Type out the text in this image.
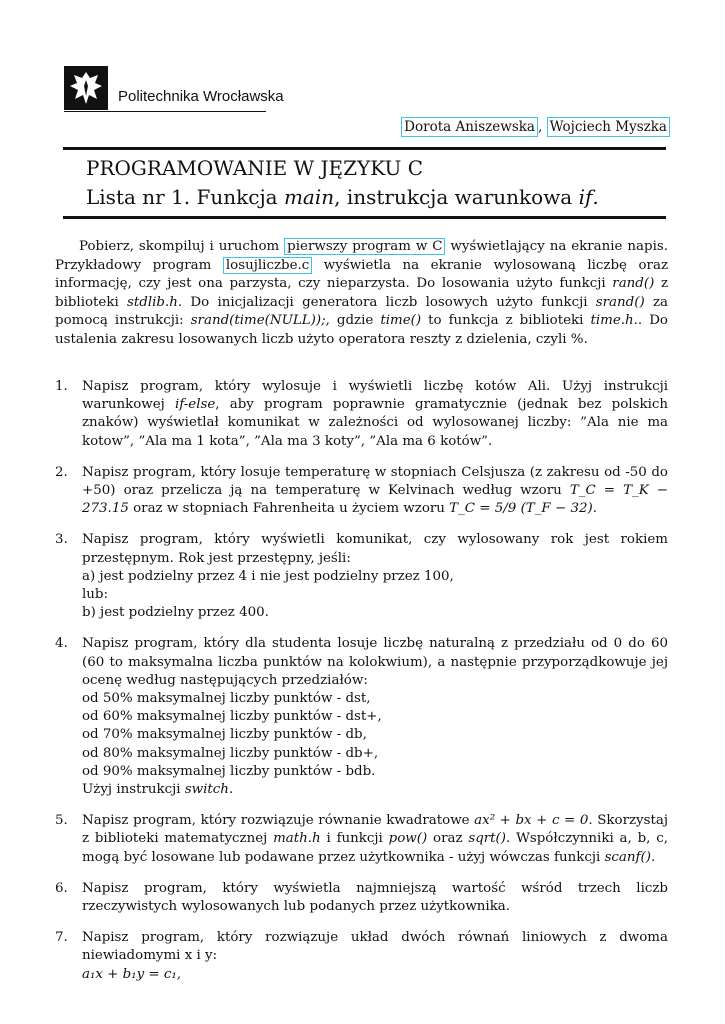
Politechnika Wrocławska
Dorota Aniszewska , Wojciech Myszka
PROGRAMOWANIE W JĘZYKU C
Lista nr 1. Funkcja main, instrukcja warunkowa if.

Pobierz, skompiluj i uruchom pierwszy program w C wyświetlający na ekranie napis. Przykładowy program losujliczbe.c wyświetla na ekranie wylosowaną liczbę oraz informację, czy jest ona parzysta, czy nieparzysta. Do losowania użyto funkcji rand() z biblioteki stdlib.h. Do inicjalizacji generatora liczb losowych użyto funkcji srand() za pomocą instrukcji: srand(time(NULL));, gdzie time() to funkcja z biblioteki time.h.. Do ustalenia zakresu losowanych liczb użyto operatora reszty z dzielenia, czyli %.

1. Napisz program, który wylosuje i wyświetli liczbę kotów Ali. Użyj instrukcji warunkowej if-else, aby program poprawnie gramatycznie (jednak bez polskich znaków) wyświetlał komunikat w zależności od wylosowanej liczby: ”Ala nie ma kotow”, ”Ala ma 1 kota”, ”Ala ma 3 koty”, ”Ala ma 6 kotów”.
2. Napisz program, który losuje temperaturę w stopniach Celsjusza (z zakresu od -50 do +50) oraz przelicza ją na temperaturę w Kelvinach według wzoru T_C = T_K − 273.15 oraz w stopniach Fahrenheita u życiem wzoru T_C = 5/9 (T_F − 32).
3. Napisz program, który wyświetli komunikat, czy wylosowany rok jest rokiem przestępnym. Rok jest przestępny, jeśli:
a) jest podzielny przez 4 i nie jest podzielny przez 100,
lub:
b) jest podzielny przez 400.
4. Napisz program, który dla studenta losuje liczbę naturalną z przedziału od 0 do 60 (60 to maksymalna liczba punktów na kolokwium), a następnie przyporządkowuje jej ocenę według następujących przedziałów:
od 50% maksymalnej liczby punktów - dst,
od 60% maksymalnej liczby punktów - dst+,
od 70% maksymalnej liczby punktów - db,
od 80% maksymalnej liczby punktów - db+,
od 90% maksymalnej liczby punktów - bdb.
Użyj instrukcji switch.
5. Napisz program, który rozwiązuje równanie kwadratowe ax² + bx + c = 0. Skorzystaj z biblioteki matematycznej math.h i funkcji pow() oraz sqrt(). Współczynniki a, b, c, mogą być losowane lub podawane przez użytkownika - użyj wówczas funkcji scanf().
6. Napisz program, który wyświetla najmniejszą wartość wśród trzech liczb rzeczywistych wylosowanych lub podanych przez użytkownika.
7. Napisz program, który rozwiązuje układ dwóch równań liniowych z dwoma niewiadomymi x i y:
a₁x + b₁y = c₁,
